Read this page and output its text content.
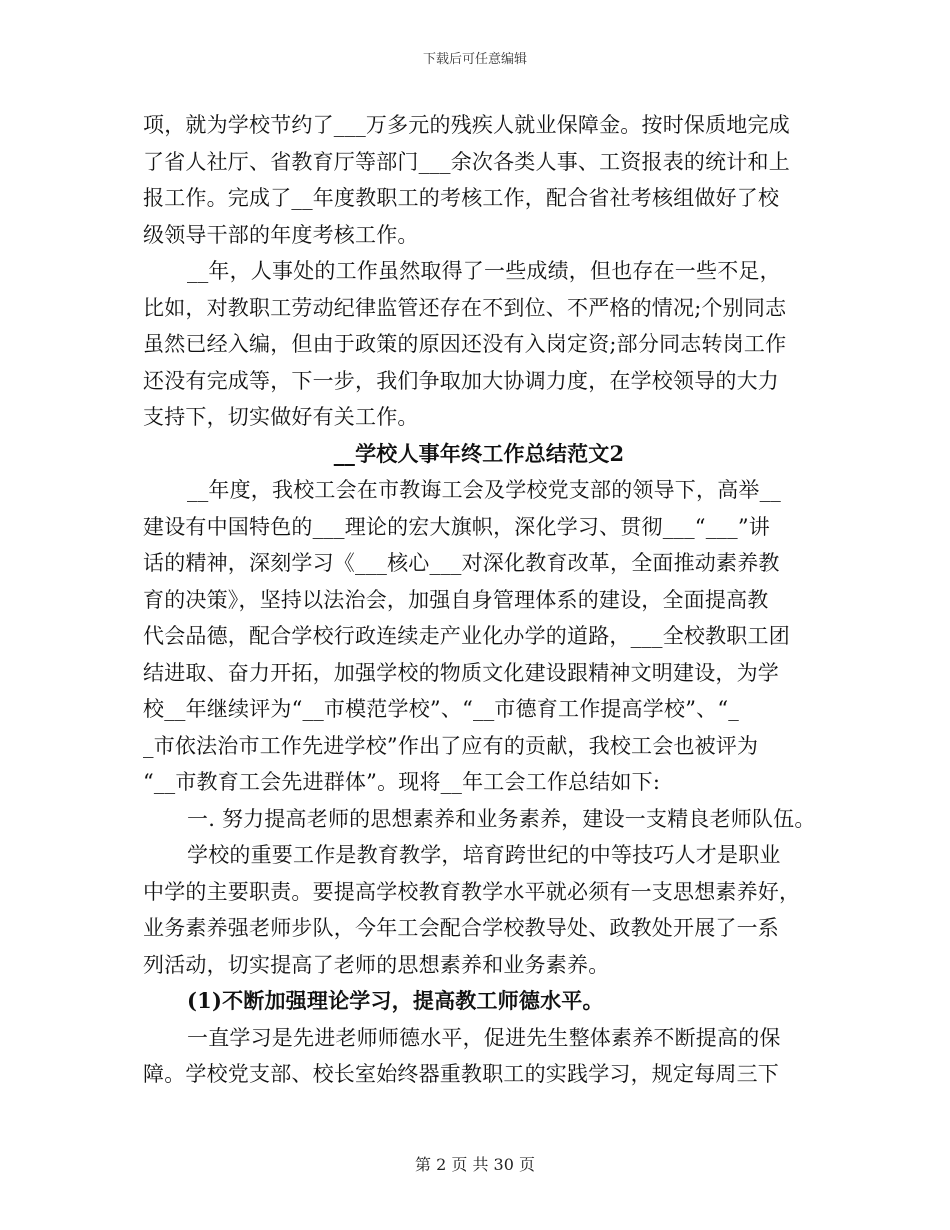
下载后可任意编辑
项，就为学校节约了___万多元的残疾人就业保障金。按时保质地完成
了省人社厅、省教育厅等部门___余次各类人事、工资报表的统计和上
报工作。完成了__年度教职工的考核工作，配合省社考核组做好了校
级领导干部的年度考核工作。
__年，人事处的工作虽然取得了一些成绩，但也存在一些不足，
比如，对教职工劳动纪律监管还存在不到位、不严格的情况;个别同志
虽然已经入编，但由于政策的原因还没有入岗定资;部分同志转岗工作
还没有完成等，下一步，我们争取加大协调力度，在学校领导的大力
支持下，切实做好有关工作。
__学校人事年终工作总结范文2
__年度，我校工会在市教诲工会及学校党支部的领导下，高举__
建设有中国特色的___理论的宏大旗帜，深化学习、贯彻___“___”讲
话的精神，深刻学习《___核心___对深化教育改革，全面推动素养教
育的决策》，坚持以法治会，加强自身管理体系的建设，全面提高教
代会品德，配合学校行政连续走产业化办学的道路，___全校教职工团
结进取、奋力开拓，加强学校的物质文化建设跟精神文明建设，为学
校__年继续评为“__市模范学校”、“__市德育工作提高学校”、“_
_市依法治市工作先进学校”作出了应有的贡献，我校工会也被评为
“__市教育工会先进群体”。现将__年工会工作总结如下:
一. 努力提高老师的思想素养和业务素养，建设一支精良老师队伍。
学校的重要工作是教育教学，培育跨世纪的中等技巧人才是职业
中学的主要职责。要提高学校教育教学水平就必须有一支思想素养好，
业务素养强老师步队，今年工会配合学校教导处、政教处开展了一系
列活动，切实提高了老师的思想素养和业务素养。
(1)不断加强理论学习，提高教工师德水平。
一直学习是先进老师师德水平，促进先生整体素养不断提高的保
障。学校党支部、校长室始终器重教职工的实践学习，规定每周三下
第 2 页 共 30 页
